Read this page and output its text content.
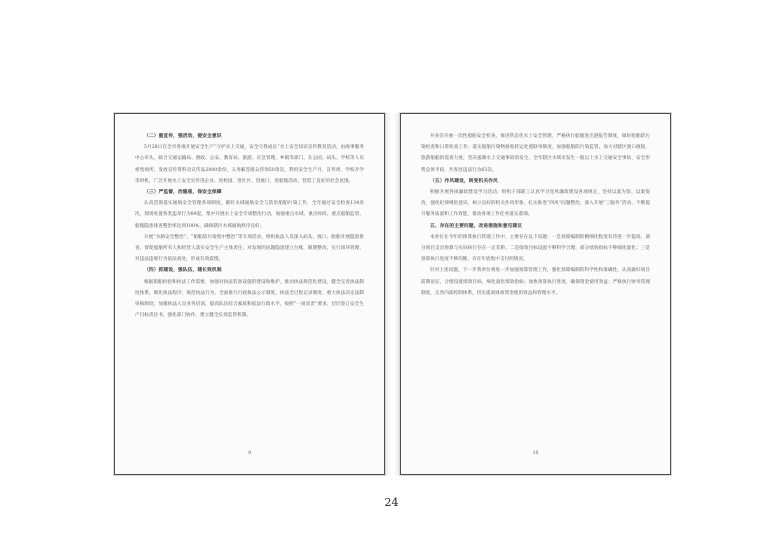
（二）重宣传，强活动，提安全意识

5月28日在全市各地开展安全生产“守护水上交通，安全守我成长”水上安全知识宣传教育活动，由海事服务中心牵头，联合交通运输局、渔政、公安、教育局、旅游、应急管理、乡镇等部门，在公园、码头、学校等人员密集场所，发放宣传资料及宣传品2000余份，义务解答群众咨询50余次，利用安全生产月、宣传周、学校开学等时机，广泛开展水上安全宣传进企业、进校园、进社区、进渡口、进船舶活动，营造了良好的社会氛围。

（三）严监督，治隐患，保安全保障

认真贯彻落实通航安全管理各项制度，紧盯水域通航安全与防治船舶污染工作，全年通过安全检查134余次，现场处置各类违章行为89起，集中开展水上安全专项整治行动，加强重点水域、重点时段、重点船舶监管，船舶隐患排查整治率达到100%，确保辖区水域通航秩序良好。

开展“水路安全整治”、“船舶防污染集中整治”等专项活动，组织执法人员深入码头、渡口、船舶开展隐患排查，督促船舶所有人和经营人落实安全生产主体责任，对发现的问题隐患建立台账，限期整改，实行闭环管理，对违法违规行为依法查处，形成有效震慑。

（四）抓建设，强队伍，建长效机制

根据船舶检验和执法工作需要，加强对执法装备设施的建设和维护，推动执法规范化建设，健全完善执法制度体系，细化执法程序，规范执法行为，全面推行行政执法公示制度、执法全过程记录制度、重大执法决定法制审核制度；加强执法人员业务培训，提高队伍综合素质和依法行政水平，按照“一岗双责”要求，层层签订安全生产目标责任书，强化部门协作，建立健全长效监管机制。

9

并多次开展一次性船舶安全检查，推进常态化水上安全管理，严格执行船舶进出港报告制度，做好船舶防污染检查和日常检查工作，落实船舶污染物接收转运处置联单制度，加强船舶防污染监管。加大对辖区渡口渡船、旅游船舶的巡查力度，坚决遏制水上交通事故的发生，全年辖区水域未发生一般以上水上交通安全事故，安全形势总体平稳，共查处违法行为63次。

（五）作风建设，转变机关作风

积极开展各项廉政建设学习活动，组织干部职工认真学习党风廉政建设各项规定，坚持以案为鉴、以案促改，强化纪律规矩意识，树立良好的机关作风形象，扎实推进“四风”问题整治，深入开展“三服务”活动，不断提升服务质量和工作效能，推动各项工作任务落实落细。

五、存在的主要问题，改进措施和意见建议

本单位在今年的预算执行管理工作中，主要存在以下问题：一是预算编制的精细化程度有待进一步提高，部分项目支出预算与实际执行存在一定差距；二是绩效目标设置不够科学合理，部分绩效指标不够细化量化；三是预算执行进度不够均衡，存在年底集中支付的情况。

针对上述问题，下一步我单位将进一步加强预算管理工作，强化预算编制的科学性和准确性，认真做好项目前期论证，合理设置绩效目标，细化量化绩效指标；加快预算执行进度，确保资金使用效益；严格执行财务管理制度，完善内部控制体系，切实提高财政资金使用效益和管理水平。

10
24
